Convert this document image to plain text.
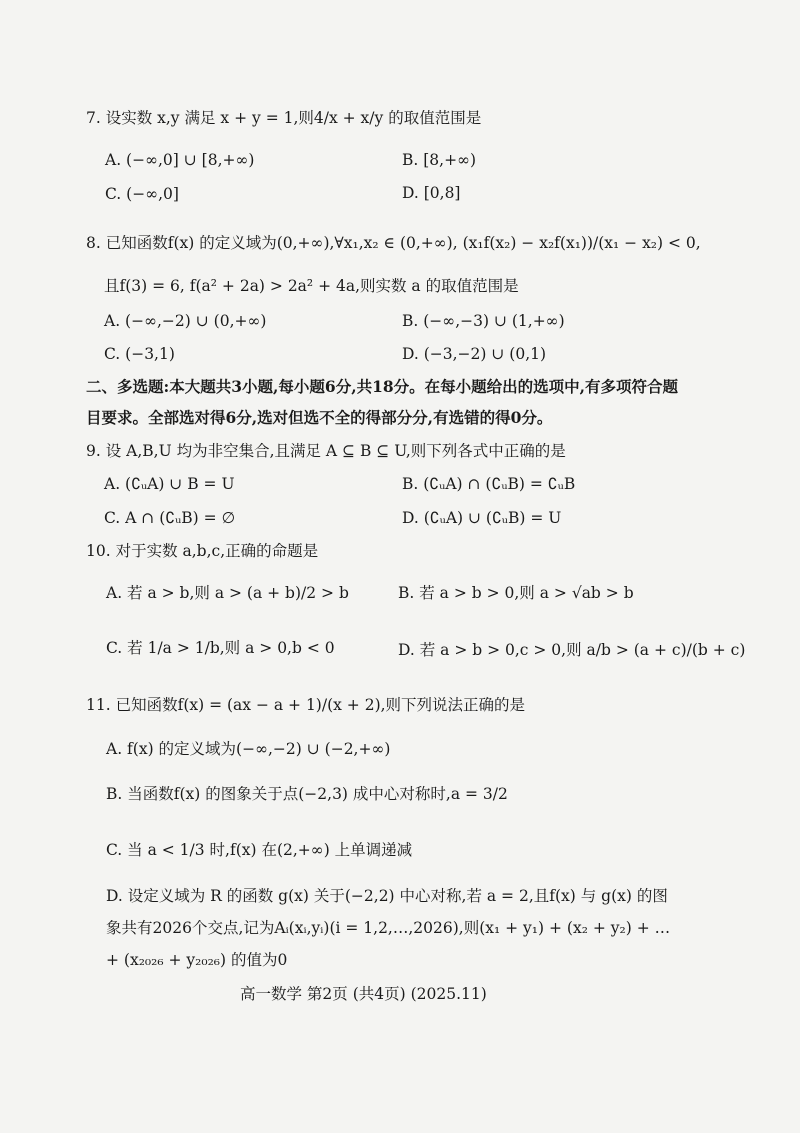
7. 设实数 x,y 满足 x + y = 1,则4/x + x/y 的取值范围是
A. (−∞,0] ∪ [8,+∞)	B. [8,+∞)
C. (−∞,0]	D. [0,8]
8. 已知函数f(x) 的定义域为(0,+∞),∀x₁,x₂ ∈ (0,+∞), (x₁f(x₂) − x₂f(x₁))/(x₁ − x₂) < 0,
且f(3) = 6, f(a² + 2a) > 2a² + 4a,则实数 a 的取值范围是
A. (−∞,−2) ∪ (0,+∞)	B. (−∞,−3) ∪ (1,+∞)
C. (−3,1)	D. (−3,−2) ∪ (0,1)
二、多选题:本大题共3小题,每小题6分,共18分。在每小题给出的选项中,有多项符合题
目要求。全部选对得6分,选对但选不全的得部分分,有选错的得0分。
9. 设 A,B,U 均为非空集合,且满足 A ⊆ B ⊆ U,则下列各式中正确的是
A. (∁ᵤA) ∪ B = U	B. (∁ᵤA) ∩ (∁ᵤB) = ∁ᵤB
C. A ∩ (∁ᵤB) = ∅	D. (∁ᵤA) ∪ (∁ᵤB) = U
10. 对于实数 a,b,c,正确的命题是
A. 若 a > b,则 a > (a + b)/2 > b	B. 若 a > b > 0,则 a > √ab > b
C. 若 1/a > 1/b,则 a > 0,b < 0	D. 若 a > b > 0,c > 0,则 a/b > (a + c)/(b + c)
11. 已知函数f(x) = (ax − a + 1)/(x + 2),则下列说法正确的是
A. f(x) 的定义域为(−∞,−2) ∪ (−2,+∞)
B. 当函数f(x) 的图象关于点(−2,3) 成中心对称时,a = 3/2
C. 当 a < 1/3 时,f(x) 在(2,+∞) 上单调递减
D. 设定义域为 R 的函数 g(x) 关于(−2,2) 中心对称,若 a = 2,且f(x) 与 g(x) 的图
象共有2026个交点,记为Aᵢ(xᵢ,yᵢ)(i = 1,2,…,2026),则(x₁ + y₁) + (x₂ + y₂) + …
+ (x₂₀₂₆ + y₂₀₂₆) 的值为0
高一数学 第2页 (共4页) (2025.11)
